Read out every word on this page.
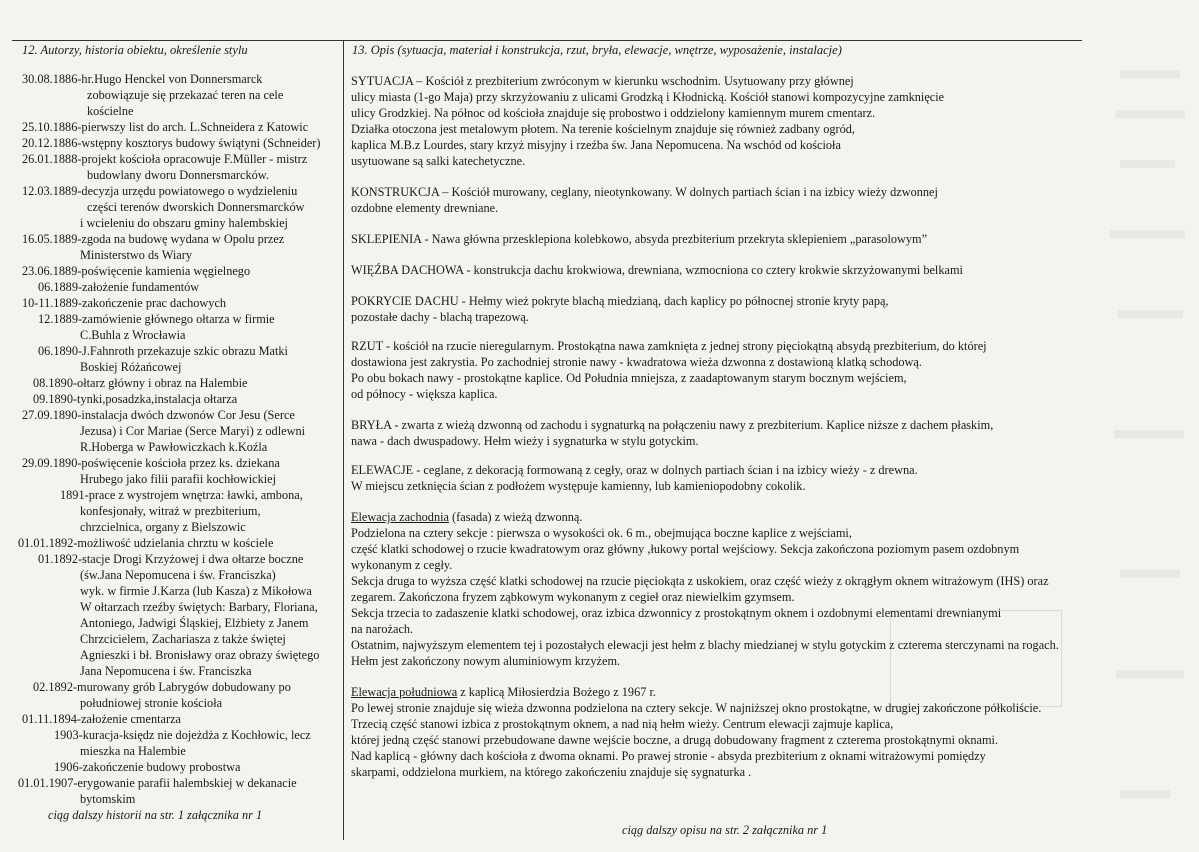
12. Autorzy, historia obiektu, określenie stylu	13. Opis (sytuacja, materiał i konstrukcja, rzut, bryła, elewacje, wnętrze, wyposażenie, instalacje)
30.08.1886-hr.Hugo Henckel von Donnersmarck
zobowiązuje się przekazać teren na cele
kościelne
25.10.1886-pierwszy list do arch. L.Schneidera z Katowic
20.12.1886-wstępny kosztorys budowy świątyni (Schneider)
26.01.1888-projekt kościoła opracowuje F.Müller - mistrz
budowlany dworu Donnersmarcków.
12.03.1889-decyzja urzędu powiatowego o wydzieleniu
części terenów dworskich Donnersmarcków
i wcieleniu do obszaru gminy halembskiej
16.05.1889-zgoda na budowę wydana w Opolu przez
Ministerstwo ds Wiary
23.06.1889-poświęcenie kamienia węgielnego
06.1889-założenie fundamentów
10-11.1889-zakończenie prac dachowych
12.1889-zamówienie głównego ołtarza w firmie
C.Buhla z Wrocławia
06.1890-J.Fahnroth przekazuje szkic obrazu Matki
Boskiej Różańcowej
08.1890-ołtarz główny i obraz na Halembie
09.1890-tynki,posadzka,instalacja ołtarza
27.09.1890-instalacja dwóch dzwonów Cor Jesu (Serce
Jezusa) i Cor Mariae (Serce Maryi) z odlewni
R.Hoberga w Pawłowiczkach k.Koźla
29.09.1890-poświęcenie kościoła przez ks. dziekana
Hrubego jako filii parafii kochłowickiej
1891-prace z wystrojem wnętrza: ławki, ambona,
konfesjonały, witraż w prezbiterium,
chrzcielnica, organy z Bielszowic
01.01.1892-możliwość udzielania chrztu w kościele
01.1892-stacje Drogi Krzyżowej i dwa ołtarze boczne
(św.Jana Nepomucena i św. Franciszka)
wyk. w firmie J.Karza (lub Kasza) z Mikołowa
W ołtarzach rzeźby świętych: Barbary, Floriana,
Antoniego, Jadwigi Śląskiej, Elżbiety z Janem
Chrzcicielem, Zachariasza z także świętej
Agnieszki i bł. Bronisławy oraz obrazy świętego
Jana Nepomucena i św. Franciszka
02.1892-murowany grób Labrygów dobudowany po
południowej stronie kościoła
01.11.1894-założenie cmentarza
1903-kuracja-księdz nie dojeżdża z Kochłowic, lecz
mieszka na Halembie
1906-zakończenie budowy probostwa
01.01.1907-erygowanie parafii halembskiej w dekanacie
bytomskim
SYTUACJA – Kościół z prezbiterium zwróconym w kierunku wschodnim. Usytuowany przy głównej
ulicy miasta (1-go Maja) przy skrzyżowaniu z ulicami Grodzką i Kłodnicką. Kościół stanowi kompozycyjne zamknięcie
ulicy Grodzkiej. Na północ od kościoła znajduje się probostwo i oddzielony kamiennym murem cmentarz.
Działka otoczona jest metalowym płotem. Na terenie kościelnym znajduje się również zadbany ogród,
kaplica M.B.z Lourdes, stary krzyż misyjny i rzeźba św. Jana Nepomucena. Na wschód od kościoła
usytuowane są salki katechetyczne.
KONSTRUKCJA – Kościół murowany, ceglany, nieotynkowany. W dolnych partiach ścian i na izbicy wieży dzwonnej
ozdobne elementy drewniane.
SKLEPIENIA - Nawa główna przesklepiona kolebkowo, absyda prezbiterium przekryta sklepieniem „parasolowym”
WIĘŹBA DACHOWA - konstrukcja dachu krokwiowa, drewniana, wzmocniona co cztery krokwie skrzyżowanymi belkami
POKRYCIE DACHU - Hełmy wież pokryte blachą miedzianą, dach kaplicy po północnej stronie kryty papą,
pozostałe dachy - blachą trapezową.
RZUT - kościół na rzucie nieregularnym. Prostokątna nawa zamknięta z jednej strony pięciokątną absydą prezbiterium, do której
dostawiona jest zakrystia. Po zachodniej stronie nawy - kwadratowa wieża dzwonna z dostawioną klatką schodową.
Po obu bokach nawy - prostokątne kaplice. Od Południa mniejsza, z zaadaptowanym starym bocznym wejściem,
od północy - większa kaplica.
BRYŁA - zwarta z wieżą dzwonną od zachodu i sygnaturką na połączeniu nawy z prezbiterium. Kaplice niższe z dachem płaskim,
nawa - dach dwuspadowy. Hełm wieży i sygnaturka w stylu gotyckim.
ELEWACJE - ceglane, z dekoracją formowaną z cegły, oraz w dolnych partiach ścian i na izbicy wieży - z drewna.
W miejscu zetknięcia ścian z podłożem występuje kamienny, lub kamieniopodobny cokolik.
Elewacja zachodnia (fasada) z wieżą dzwonną.
Podzielona na cztery sekcje : pierwsza o wysokości ok. 6 m., obejmująca boczne kaplice z wejściami,
część klatki schodowej o rzucie kwadratowym oraz główny ,łukowy portal wejściowy. Sekcja zakończona poziomym pasem ozdobnym
wykonanym z cegły.
Sekcja druga to wyższa część klatki schodowej na rzucie pięciokąta z uskokiem, oraz część wieży z okrągłym oknem witrażowym (IHS) oraz
zegarem. Zakończona fryzem ząbkowym wykonanym z cegieł oraz niewielkim gzymsem.
Sekcja trzecia to zadaszenie klatki schodowej, oraz izbica dzwonnicy z prostokątnym oknem i ozdobnymi elementami drewnianymi
na narożach.
Ostatnim, najwyższym elementem tej i pozostałych elewacji jest hełm z blachy miedzianej w stylu gotyckim z czterema sterczynami na rogach.
Hełm jest zakończony nowym aluminiowym krzyżem.
Elewacja południowa z kaplicą Miłosierdzia Bożego z 1967 r.
Po lewej stronie znajduje się wieża dzwonna podzielona na cztery sekcje. W najniższej okno prostokątne, w drugiej zakończone półkoliście.
Trzecią część stanowi izbica z prostokątnym oknem, a nad nią hełm wieży. Centrum elewacji zajmuje kaplica,
której jedną część stanowi przebudowane dawne wejście boczne, a drugą dobudowany fragment z czterema prostokątnymi oknami.
Nad kaplicą - główny dach kościoła z dwoma oknami. Po prawej stronie - absyda prezbiterium z oknami witrażowymi pomiędzy
skarpami, oddzielona murkiem, na którego zakończeniu znajduje się sygnaturka .
ciąg dalszy historii na str. 1 załącznika nr 1
ciąg dalszy opisu na str. 2 załącznika nr 1
